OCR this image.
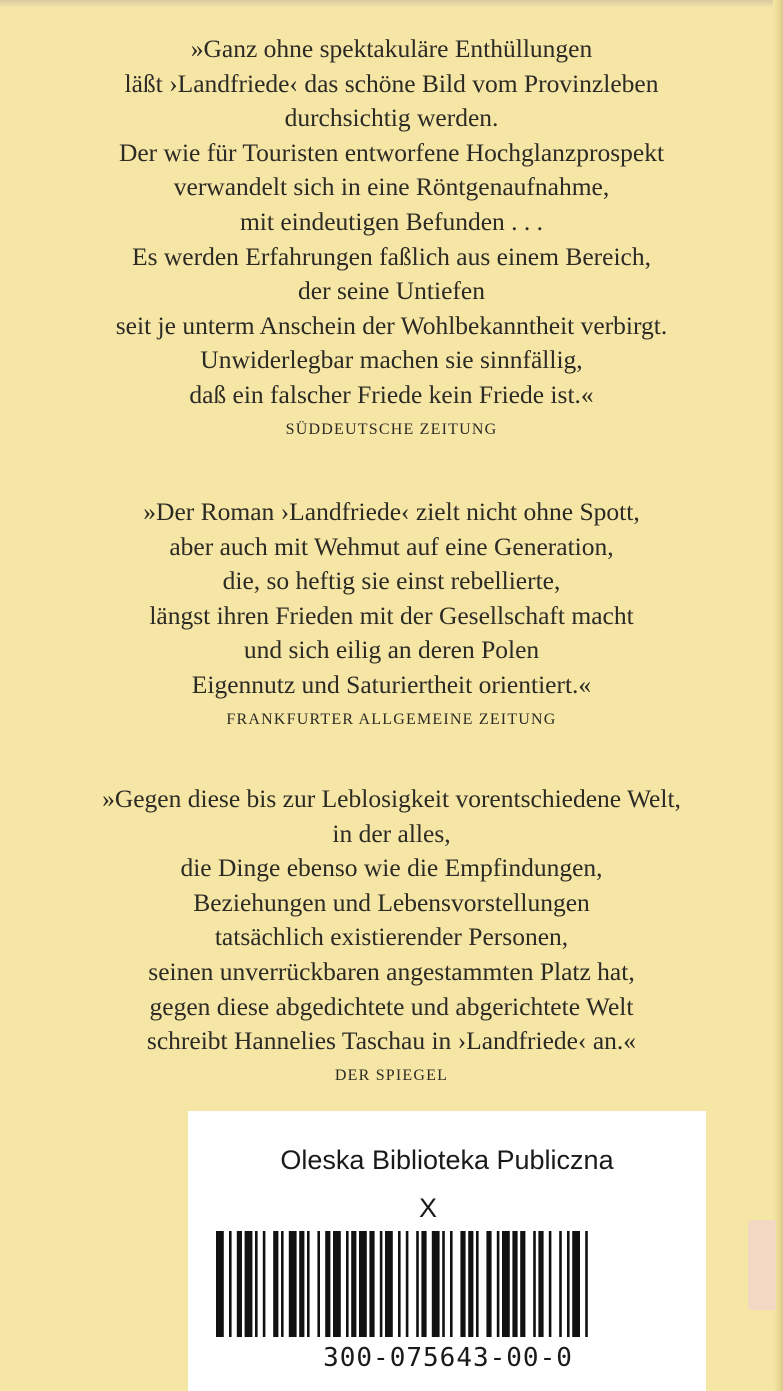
»Ganz ohne spektakuläre Enthüllungen
läßt ›Landfriede‹ das schöne Bild vom Provinzleben
durchsichtig werden.
Der wie für Touristen entworfene Hochglanzprospekt
verwandelt sich in eine Röntgenaufnahme,
mit eindeutigen Befunden . . .
Es werden Erfahrungen faßlich aus einem Bereich,
der seine Untiefen
seit je unterm Anschein der Wohlbekanntheit verbirgt.
Unwiderlegbar machen sie sinnfällig,
daß ein falscher Friede kein Friede ist.«
SÜDDEUTSCHE ZEITUNG
»Der Roman ›Landfriede‹ zielt nicht ohne Spott,
aber auch mit Wehmut auf eine Generation,
die, so heftig sie einst rebellierte,
längst ihren Frieden mit der Gesellschaft macht
und sich eilig an deren Polen
Eigennutz und Saturiertheit orientiert.«
FRANKFURTER ALLGEMEINE ZEITUNG
»Gegen diese bis zur Leblosigkeit vorentschiedene Welt,
in der alles,
die Dinge ebenso wie die Empfindungen,
Beziehungen und Lebensvorstellungen
tatsächlich existierender Personen,
seinen unverrückbaren angestammten Platz hat,
gegen diese abgedichtete und abgerichtete Welt
schreibt Hannelies Taschau in ›Landfriede‹ an.«
DER SPIEGEL
Oleska Biblioteka Publiczna
X
300-075643-00-0
